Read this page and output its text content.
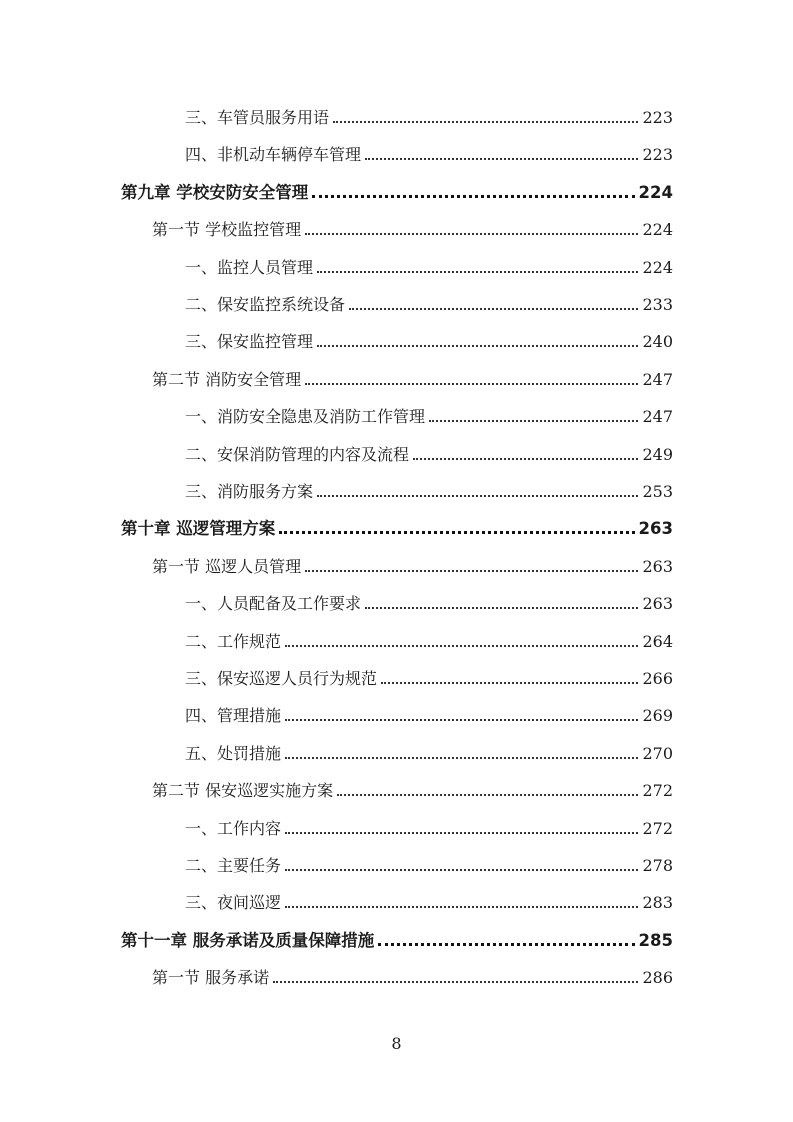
三、车管员服务用语	223
四、非机动车辆停车管理	223
第九章 学校安防安全管理	224
第一节 学校监控管理	224
一、监控人员管理	224
二、保安监控系统设备	233
三、保安监控管理	240
第二节 消防安全管理	247
一、消防安全隐患及消防工作管理	247
二、安保消防管理的内容及流程	249
三、消防服务方案	253
第十章 巡逻管理方案	263
第一节 巡逻人员管理	263
一、人员配备及工作要求	263
二、工作规范	264
三、保安巡逻人员行为规范	266
四、管理措施	269
五、处罚措施	270
第二节 保安巡逻实施方案	272
一、工作内容	272
二、主要任务	278
三、夜间巡逻	283
第十一章 服务承诺及质量保障措施	285
第一节 服务承诺	286
8
